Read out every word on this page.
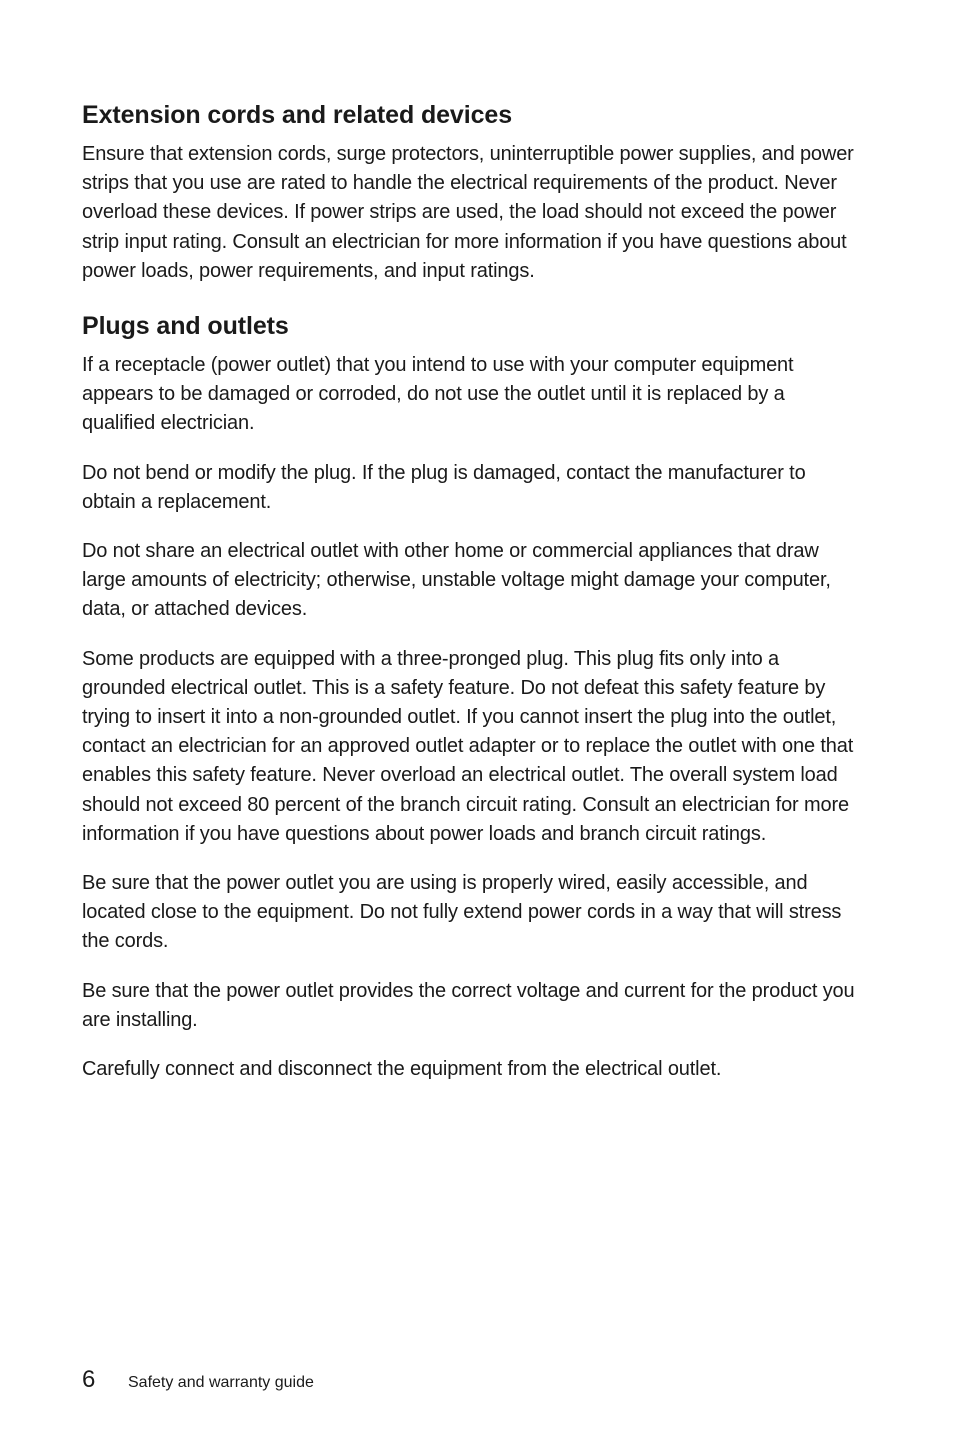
Extension cords and related devices

Ensure that extension cords, surge protectors, uninterruptible power supplies, and power strips that you use are rated to handle the electrical requirements of the product. Never overload these devices. If power strips are used, the load should not exceed the power strip input rating. Consult an electrician for more information if you have questions about power loads, power requirements, and input ratings.

Plugs and outlets

If a receptacle (power outlet) that you intend to use with your computer equipment appears to be damaged or corroded, do not use the outlet until it is replaced by a qualified electrician.

Do not bend or modify the plug. If the plug is damaged, contact the manufacturer to obtain a replacement.

Do not share an electrical outlet with other home or commercial appliances that draw large amounts of electricity; otherwise, unstable voltage might damage your computer, data, or attached devices.

Some products are equipped with a three-pronged plug. This plug fits only into a grounded electrical outlet. This is a safety feature. Do not defeat this safety feature by trying to insert it into a non-grounded outlet. If you cannot insert the plug into the outlet, contact an electrician for an approved outlet adapter or to replace the outlet with one that enables this safety feature. Never overload an electrical outlet. The overall system load should not exceed 80 percent of the branch circuit rating. Consult an electrician for more information if you have questions about power loads and branch circuit ratings.

Be sure that the power outlet you are using is properly wired, easily accessible, and located close to the equipment. Do not fully extend power cords in a way that will stress the cords.

Be sure that the power outlet provides the correct voltage and current for the product you are installing.

Carefully connect and disconnect the equipment from the electrical outlet.

6	Safety and warranty guide
